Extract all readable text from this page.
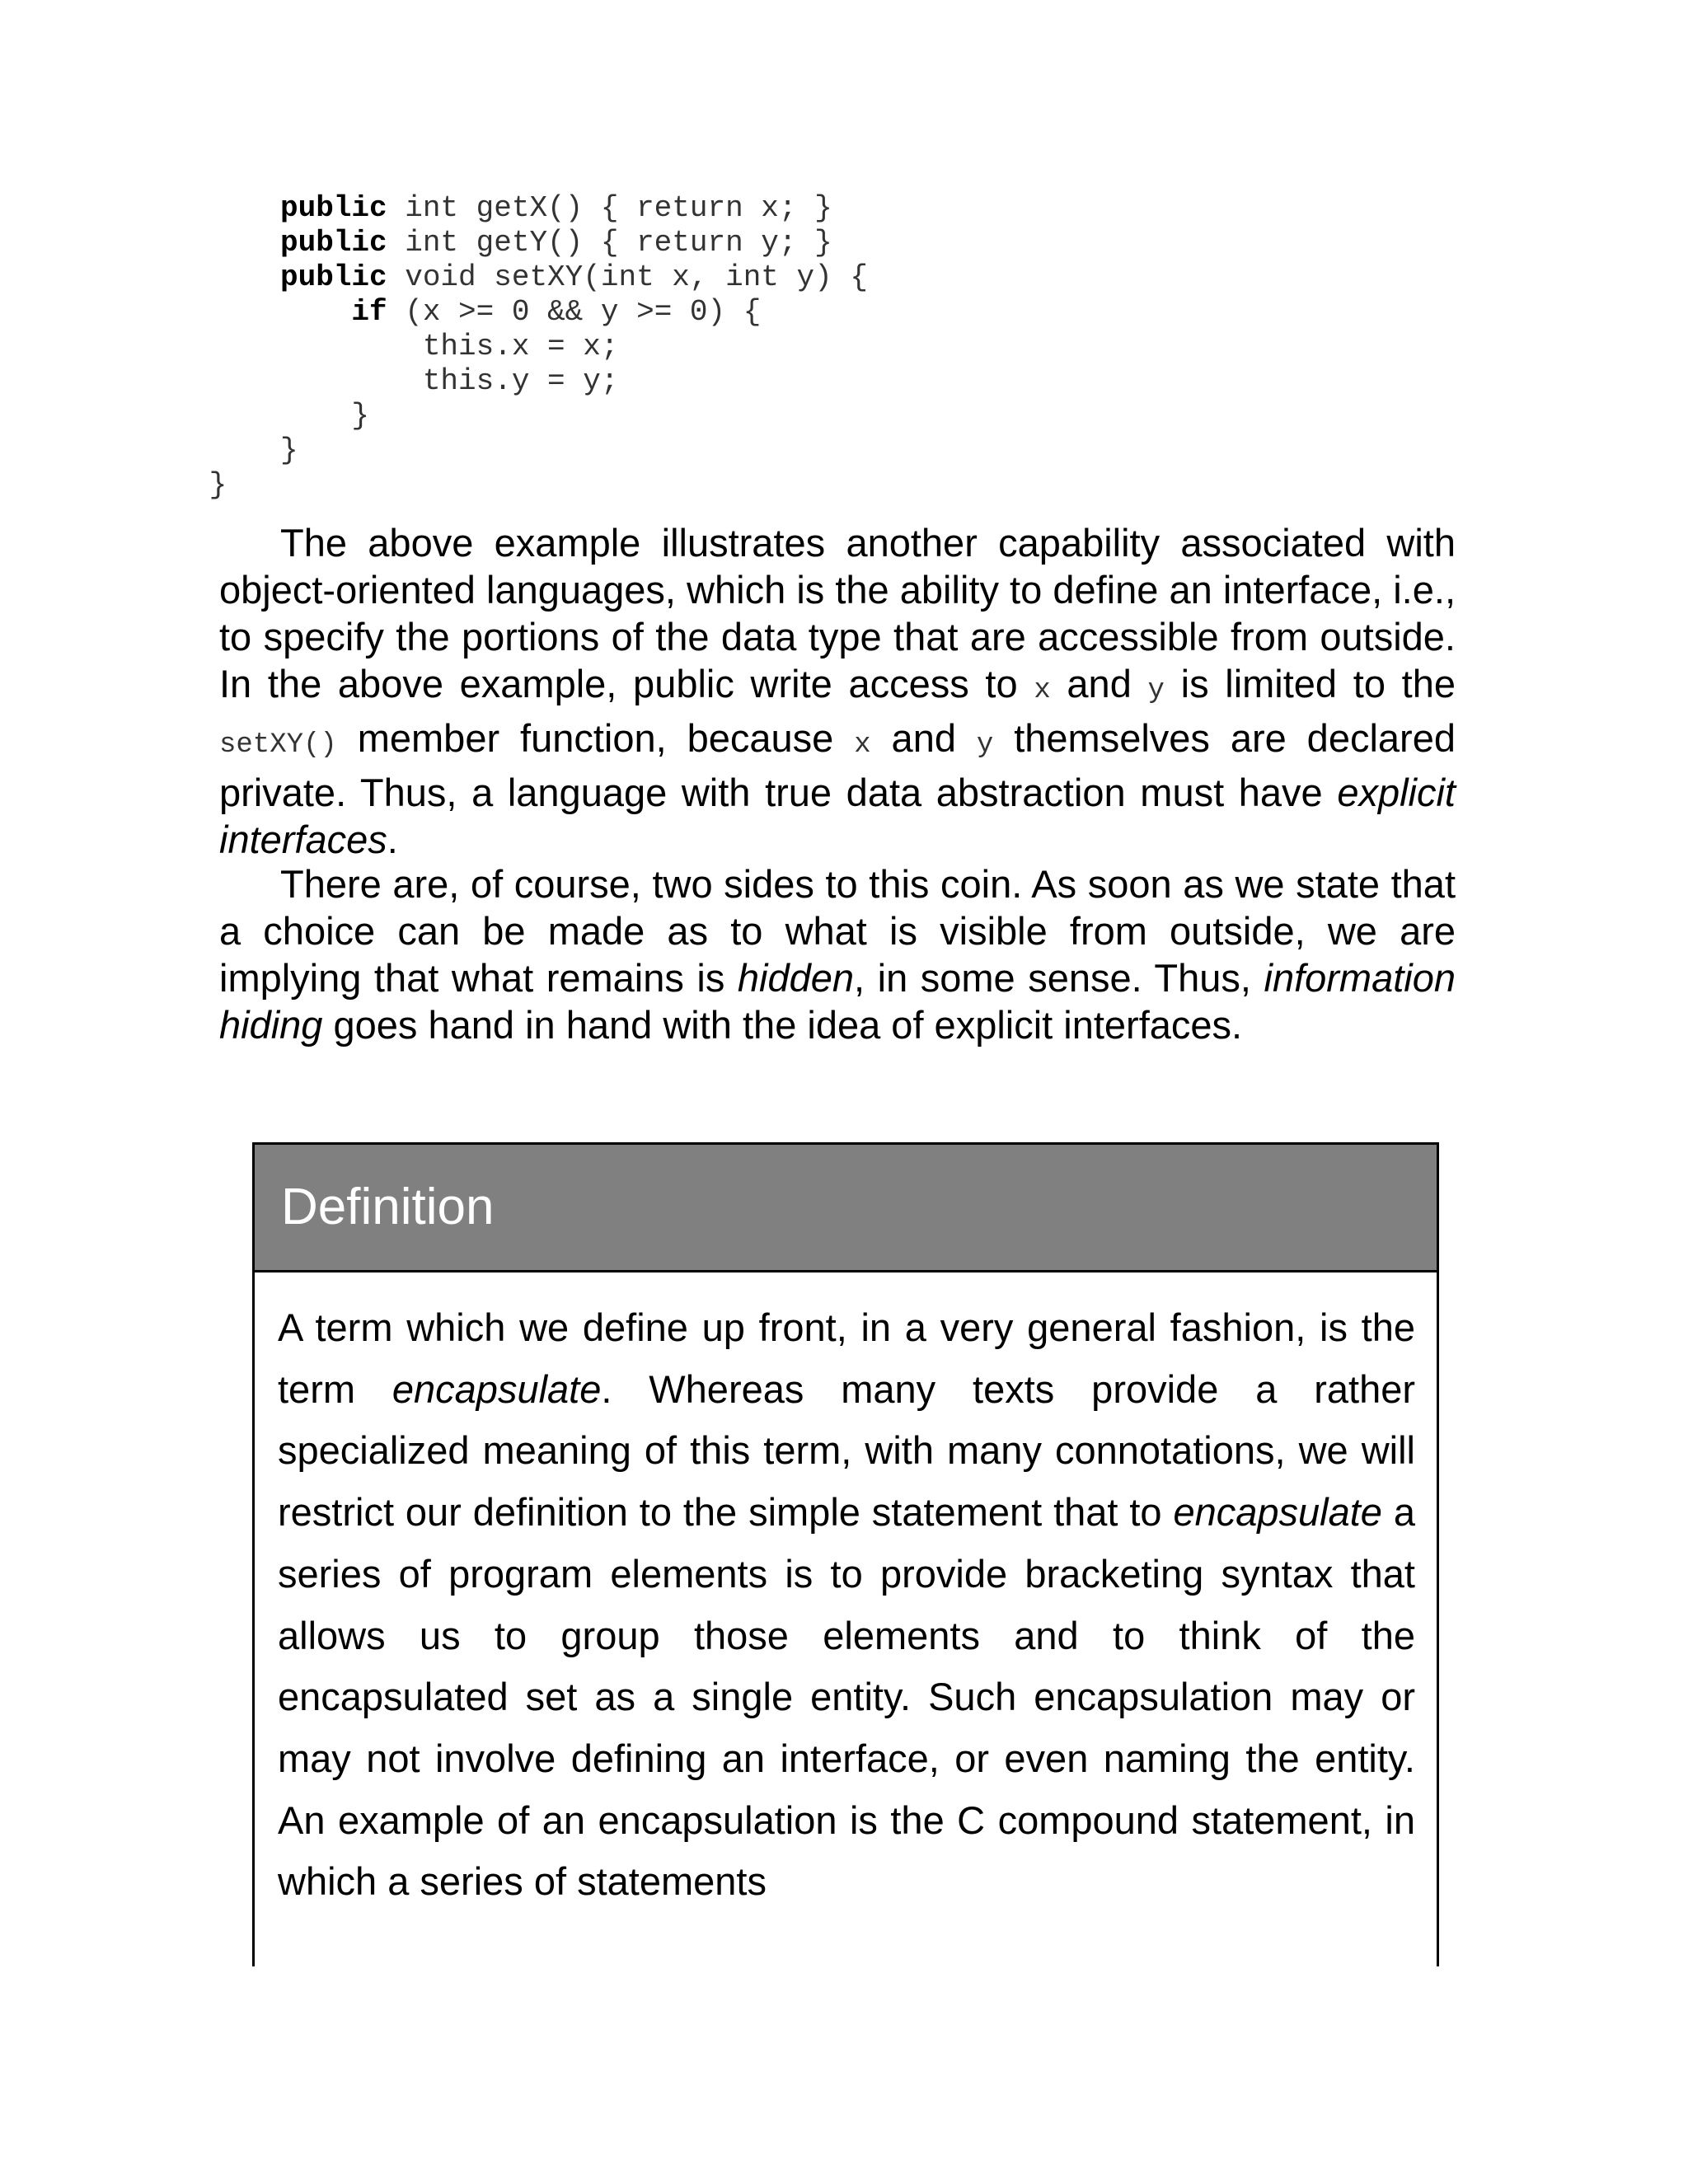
public int getX() { return x; }
public int getY() { return y; }
public void setXY(int x, int y) {
if (x >= 0 && y >= 0) {
this.x = x;
this.y = y;
}
}
}

The above example illustrates another capability associated with object-oriented languages, which is the ability to define an interface, i.e., to specify the portions of the data type that are accessible from outside. In the above example, public write access to x and y is limited to the setXY() member function, because x and y themselves are declared private. Thus, a language with true data abstraction must have explicit interfaces.

There are, of course, two sides to this coin. As soon as we state that a choice can be made as to what is visible from outside, we are implying that what remains is hidden, in some sense. Thus, information hiding goes hand in hand with the idea of explicit interfaces.

Definition
A term which we define up front, in a very general fashion, is the term encapsulate. Whereas many texts provide a rather specialized meaning of this term, with many connotations, we will restrict our definition to the simple statement that to encapsulate a series of program elements is to provide bracketing syntax that allows us to group those elements and to think of the encapsulated set as a single entity. Such encapsulation may or may not involve defining an interface, or even naming the entity. An example of an encapsulation is the C compound statement, in which a series of statements
